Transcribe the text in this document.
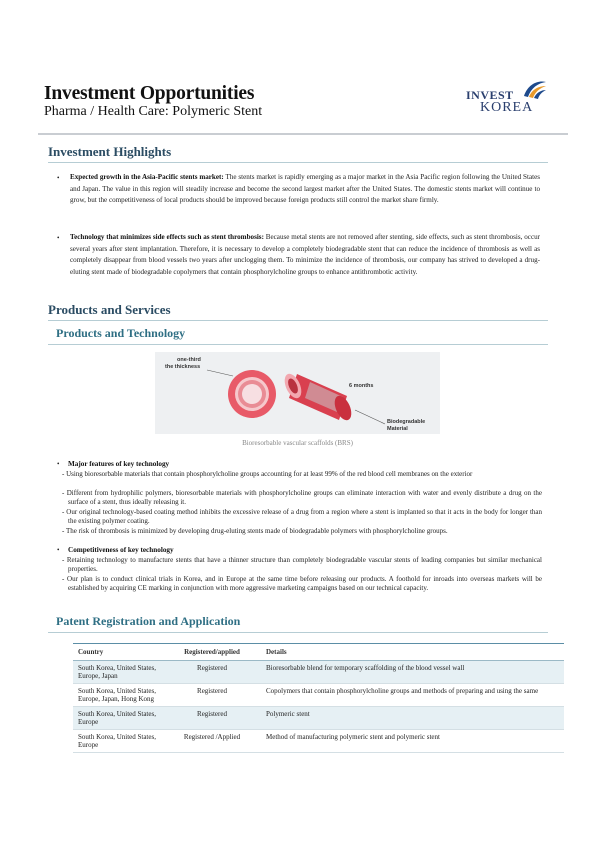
Investment Opportunities
Pharma / Health Care: Polymeric Stent
INVEST
KOREA
Investment Highlights
• Expected growth in the Asia-Pacific stents market: The stents market is rapidly emerging as a major market in the Asia Pacific region following the United States and Japan. The value in this region will steadily increase and become the second largest market after the United States. The domestic stents market will continue to grow, but the competitiveness of local products should be improved because foreign products still control the market share firmly.
• Technology that minimizes side effects such as stent thrombosis: Because metal stents are not removed after stenting, side effects, such as stent thrombosis, occur several years after stent implantation. Therefore, it is necessary to develop a completely biodegradable stent that can reduce the incidence of thrombosis as well as completely disappear from blood vessels two years after unclogging them. To minimize the incidence of thrombosis, our company has strived to developed a drug-eluting stent made of biodegradable copolymers that contain phosphorylcholine groups to enhance antithrombotic activity.
Products and Services
Products and Technology
one-third
the thickness
6 months
Biodegradable
Material
Bioresorbable vascular scaffolds (BRS)
• Major features of key technology
- Using bioresorbable materials that contain phosphorylcholine groups accounting for at least 99% of the red blood cell membranes on the exterior
- Different from hydrophilic polymers, bioresorbable materials with phosphorylcholine groups can eliminate interaction with water and evenly distribute a drug on the surface of a stent, thus ideally releasing it.
- Our original technology-based coating method inhibits the excessive release of a drug from a region where a stent is implanted so that it acts in the body for longer than the existing polymer coating.
- The risk of thrombosis is minimized by developing drug-eluting stents made of biodegradable polymers with phosphorylcholine groups.
• Competitiveness of key technology
- Retaining technology to manufacture stents that have a thinner structure than completely biodegradable vascular stents of leading companies but similar mechanical properties.
- Our plan is to conduct clinical trials in Korea, and in Europe at the same time before releasing our products. A foothold for inroads into overseas markets will be established by acquiring CE marking in conjunction with more aggressive marketing campaigns based on our technical capacity.
Patent Registration and Application
Country	Registered/applied	Details
South Korea, United States, Europe, Japan	Registered	Bioresorbable blend for temporary scaffolding of the blood vessel wall
South Korea, United States, Europe, Japan, Hong Kong	Registered	Copolymers that contain phosphorylcholine groups and methods of preparing and using the same
South Korea, United States, Europe	Registered	Polymeric stent
South Korea, United States, Europe	Registered /Applied	Method of manufacturing polymeric stent and polymeric stent
